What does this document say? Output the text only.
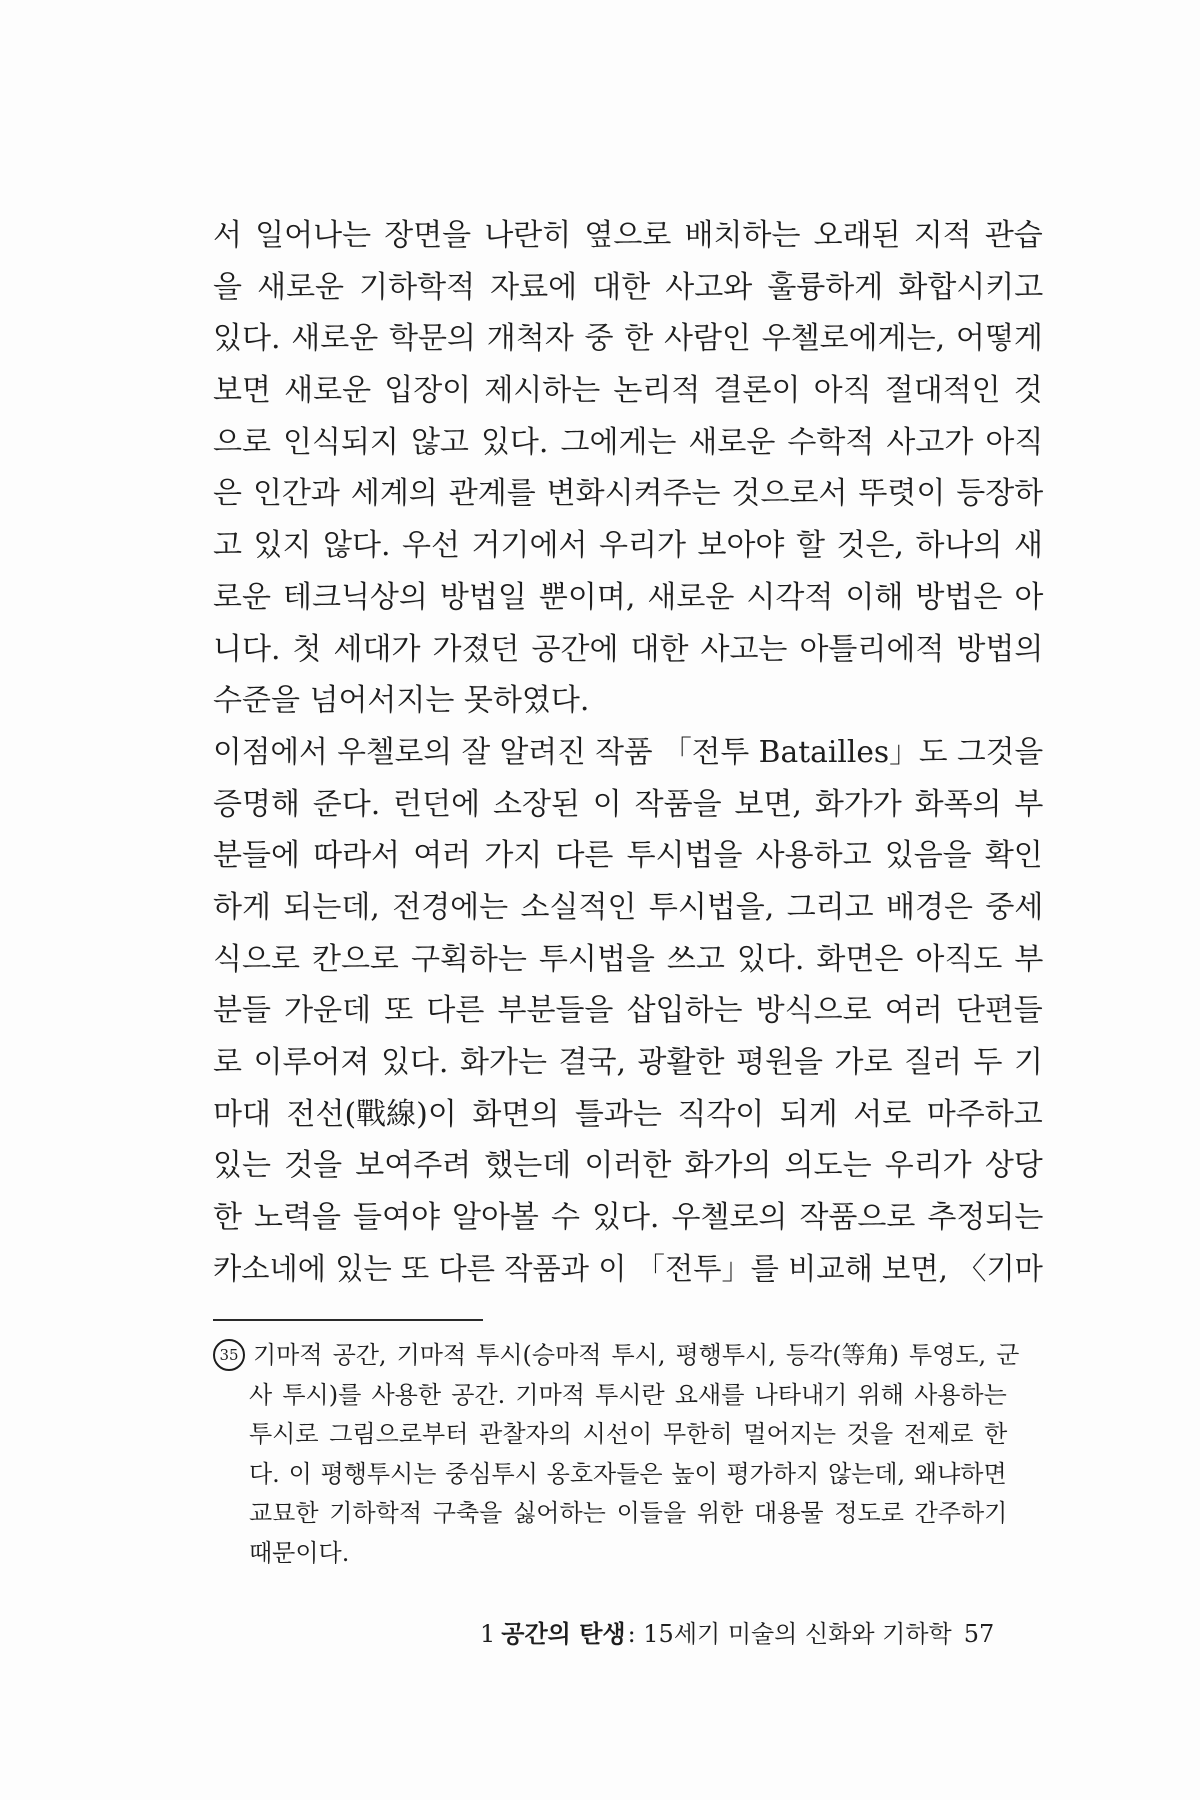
서 일어나는 장면을 나란히 옆으로 배치하는 오래된 지적 관습
을 새로운 기하학적 자료에 대한 사고와 훌륭하게 화합시키고
있다. 새로운 학문의 개척자 중 한 사람인 우첼로에게는, 어떻게
보면 새로운 입장이 제시하는 논리적 결론이 아직 절대적인 것
으로 인식되지 않고 있다. 그에게는 새로운 수학적 사고가 아직
은 인간과 세계의 관계를 변화시켜주는 것으로서 뚜렷이 등장하
고 있지 않다. 우선 거기에서 우리가 보아야 할 것은, 하나의 새
로운 테크닉상의 방법일 뿐이며, 새로운 시각적 이해 방법은 아
니다. 첫 세대가 가졌던 공간에 대한 사고는 아틀리에적 방법의
수준을 넘어서지는 못하였다.
이점에서 우첼로의 잘 알려진 작품 「전투 Batailles」도 그것을
증명해 준다. 런던에 소장된 이 작품을 보면, 화가가 화폭의 부
분들에 따라서 여러 가지 다른 투시법을 사용하고 있음을 확인
하게 되는데, 전경에는 소실적인 투시법을, 그리고 배경은 중세
식으로 칸으로 구획하는 투시법을 쓰고 있다. 화면은 아직도 부
분들 가운데 또 다른 부분들을 삽입하는 방식으로 여러 단편들
로 이루어져 있다. 화가는 결국, 광활한 평원을 가로 질러 두 기
마대 전선(戰線)이 화면의 틀과는 직각이 되게 서로 마주하고
있는 것을 보여주려 했는데 이러한 화가의 의도는 우리가 상당
한 노력을 들여야 알아볼 수 있다. 우첼로의 작품으로 추정되는
카소네에 있는 또 다른 작품과 이 「전투」를 비교해 보면, 〈기마
35 기마적 공간, 기마적 투시(승마적 투시, 평행투시, 등각(等角) 투영도, 군
사 투시)를 사용한 공간. 기마적 투시란 요새를 나타내기 위해 사용하는
투시로 그림으로부터 관찰자의 시선이 무한히 멀어지는 것을 전제로 한
다. 이 평행투시는 중심투시 옹호자들은 높이 평가하지 않는데, 왜냐하면
교묘한 기하학적 구축을 싫어하는 이들을 위한 대용물 정도로 간주하기
때문이다.
1 공간의 탄생: 15세기 미술의 신화와 기하학 57
